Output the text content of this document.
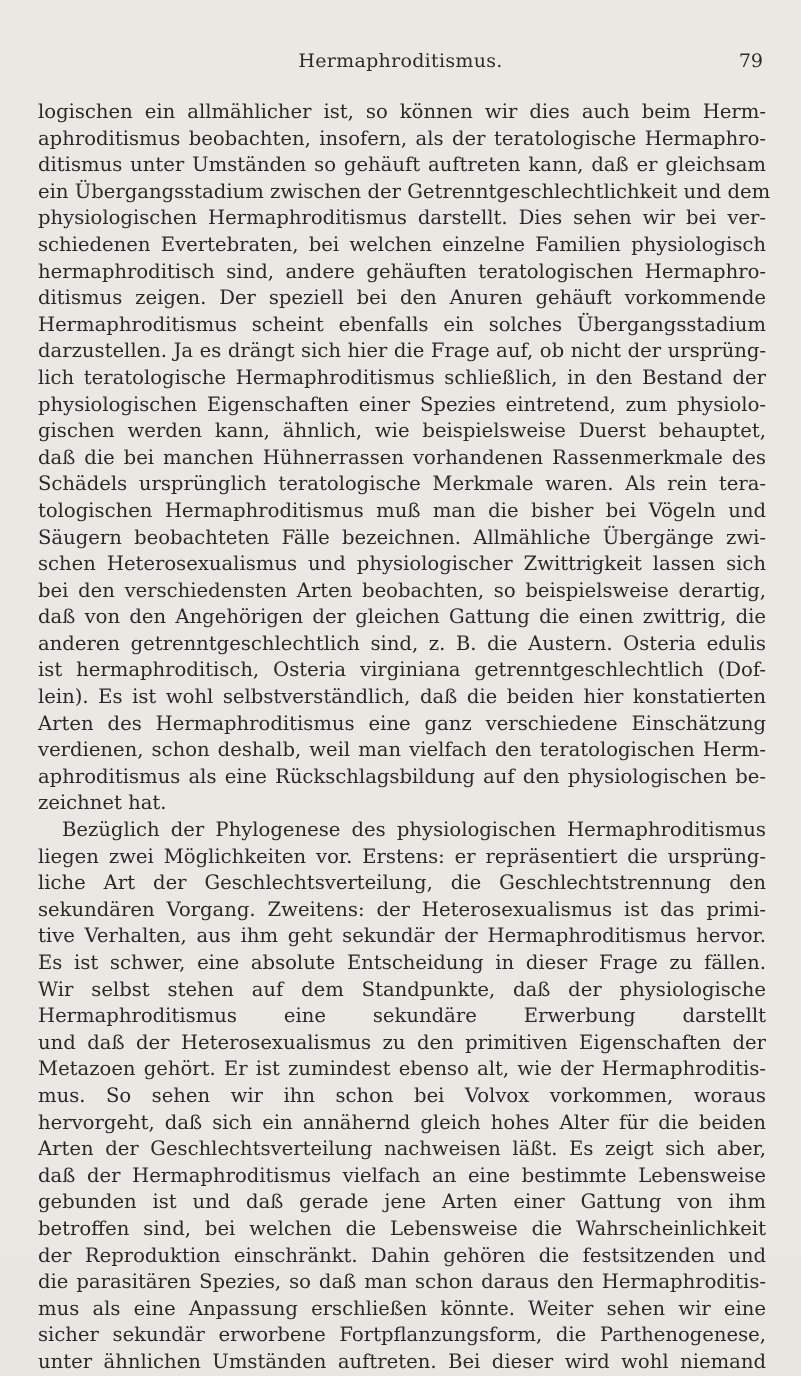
Hermaphroditismus.	79
logischen ein allmählicher ist, so können wir dies auch beim Herm-
aphroditismus beobachten, insofern, als der teratologische Hermaphro-
ditismus unter Umständen so gehäuft auftreten kann, daß er gleichsam
ein Übergangsstadium zwischen der Getrenntgeschlechtlichkeit und dem
physiologischen Hermaphroditismus darstellt. Dies sehen wir bei ver-
schiedenen Evertebraten, bei welchen einzelne Familien physiologisch
hermaphroditisch sind, andere gehäuften teratologischen Hermaphro-
ditismus zeigen. Der speziell bei den Anuren gehäuft vorkommende
Hermaphroditismus scheint ebenfalls ein solches Übergangsstadium
darzustellen. Ja es drängt sich hier die Frage auf, ob nicht der ursprüng-
lich teratologische Hermaphroditismus schließlich, in den Bestand der
physiologischen Eigenschaften einer Spezies eintretend, zum physiolo-
gischen werden kann, ähnlich, wie beispielsweise Duerst behauptet,
daß die bei manchen Hühnerrassen vorhandenen Rassenmerkmale des
Schädels ursprünglich teratologische Merkmale waren. Als rein tera-
tologischen Hermaphroditismus muß man die bisher bei Vögeln und
Säugern beobachteten Fälle bezeichnen. Allmähliche Übergänge zwi-
schen Heterosexualismus und physiologischer Zwittrigkeit lassen sich
bei den verschiedensten Arten beobachten, so beispielsweise derartig,
daß von den Angehörigen der gleichen Gattung die einen zwittrig, die
anderen getrenntgeschlechtlich sind, z. B. die Austern. Osteria edulis
ist hermaphroditisch, Osteria virginiana getrenntgeschlechtlich (Dof-
lein). Es ist wohl selbstverständlich, daß die beiden hier konstatierten
Arten des Hermaphroditismus eine ganz verschiedene Einschätzung
verdienen, schon deshalb, weil man vielfach den teratologischen Herm-
aphroditismus als eine Rückschlagsbildung auf den physiologischen be-
zeichnet hat.
Bezüglich der Phylogenese des physiologischen Hermaphroditismus
liegen zwei Möglichkeiten vor. Erstens: er repräsentiert die ursprüng-
liche Art der Geschlechtsverteilung, die Geschlechtstrennung den
sekundären Vorgang. Zweitens: der Heterosexualismus ist das primi-
tive Verhalten, aus ihm geht sekundär der Hermaphroditismus hervor.
Es ist schwer, eine absolute Entscheidung in dieser Frage zu fällen.
Wir selbst stehen auf dem Standpunkte, daß der physiologische
Hermaphroditismus eine sekundäre Erwerbung darstellt
und daß der Heterosexualismus zu den primitiven Eigenschaften der
Metazoen gehört. Er ist zumindest ebenso alt, wie der Hermaphroditis-
mus. So sehen wir ihn schon bei Volvox vorkommen, woraus
hervorgeht, daß sich ein annähernd gleich hohes Alter für die beiden
Arten der Geschlechtsverteilung nachweisen läßt. Es zeigt sich aber,
daß der Hermaphroditismus vielfach an eine bestimmte Lebensweise
gebunden ist und daß gerade jene Arten einer Gattung von ihm
betroffen sind, bei welchen die Lebensweise die Wahrscheinlichkeit
der Reproduktion einschränkt. Dahin gehören die festsitzenden und
die parasitären Spezies, so daß man schon daraus den Hermaphroditis-
mus als eine Anpassung erschließen könnte. Weiter sehen wir eine
sicher sekundär erworbene Fortpflanzungsform, die Parthenogenese,
unter ähnlichen Umständen auftreten. Bei dieser wird wohl niemand
